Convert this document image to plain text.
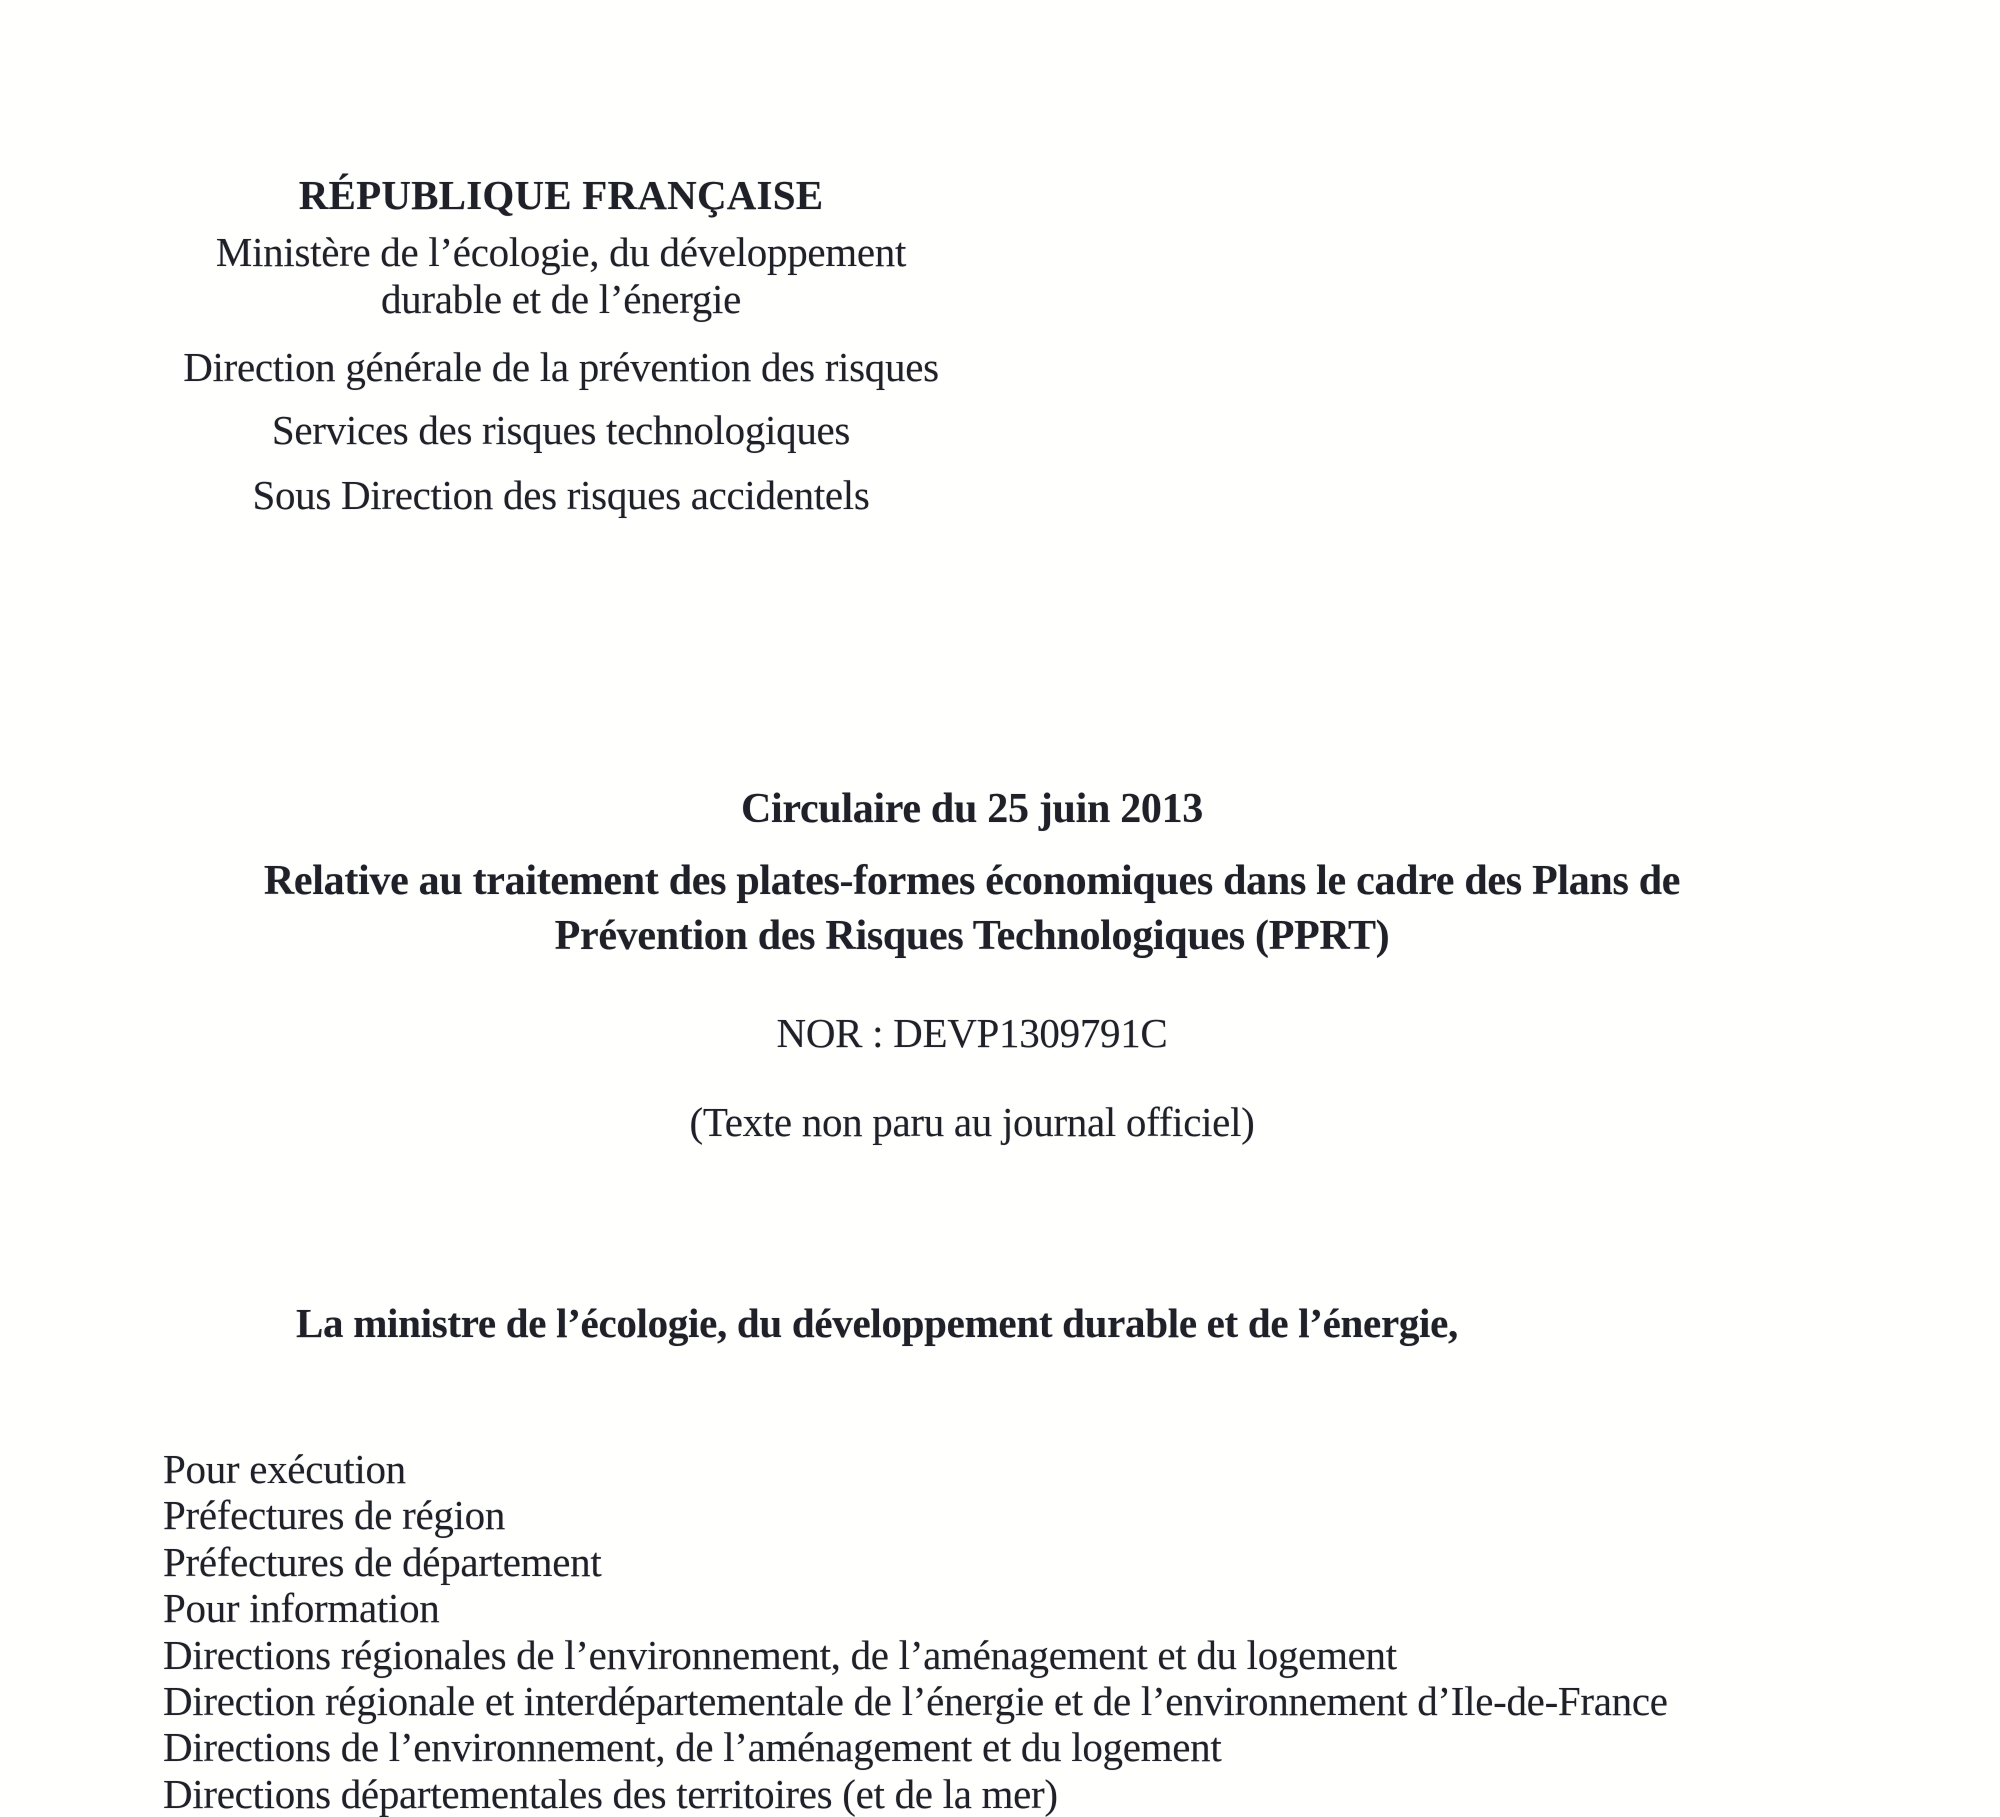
RÉPUBLIQUE FRANÇAISE
Ministère de l’écologie, du développement
durable et de l’énergie
Direction générale de la prévention des risques
Services des risques technologiques
Sous Direction des risques accidentels
Circulaire du 25 juin 2013
Relative au traitement des plates-formes économiques dans le cadre des Plans de
Prévention des Risques Technologiques (PPRT)
NOR : DEVP1309791C
(Texte non paru au journal officiel)
La ministre de l’écologie, du développement durable et de l’énergie,
Pour exécution
Préfectures de région
Préfectures de département
Pour information
Directions régionales de l’environnement, de l’aménagement et du logement
Direction régionale et interdépartementale de l’énergie et de l’environnement d’Ile-de-France
Directions de l’environnement, de l’aménagement et du logement
Directions départementales des territoires (et de la mer)
